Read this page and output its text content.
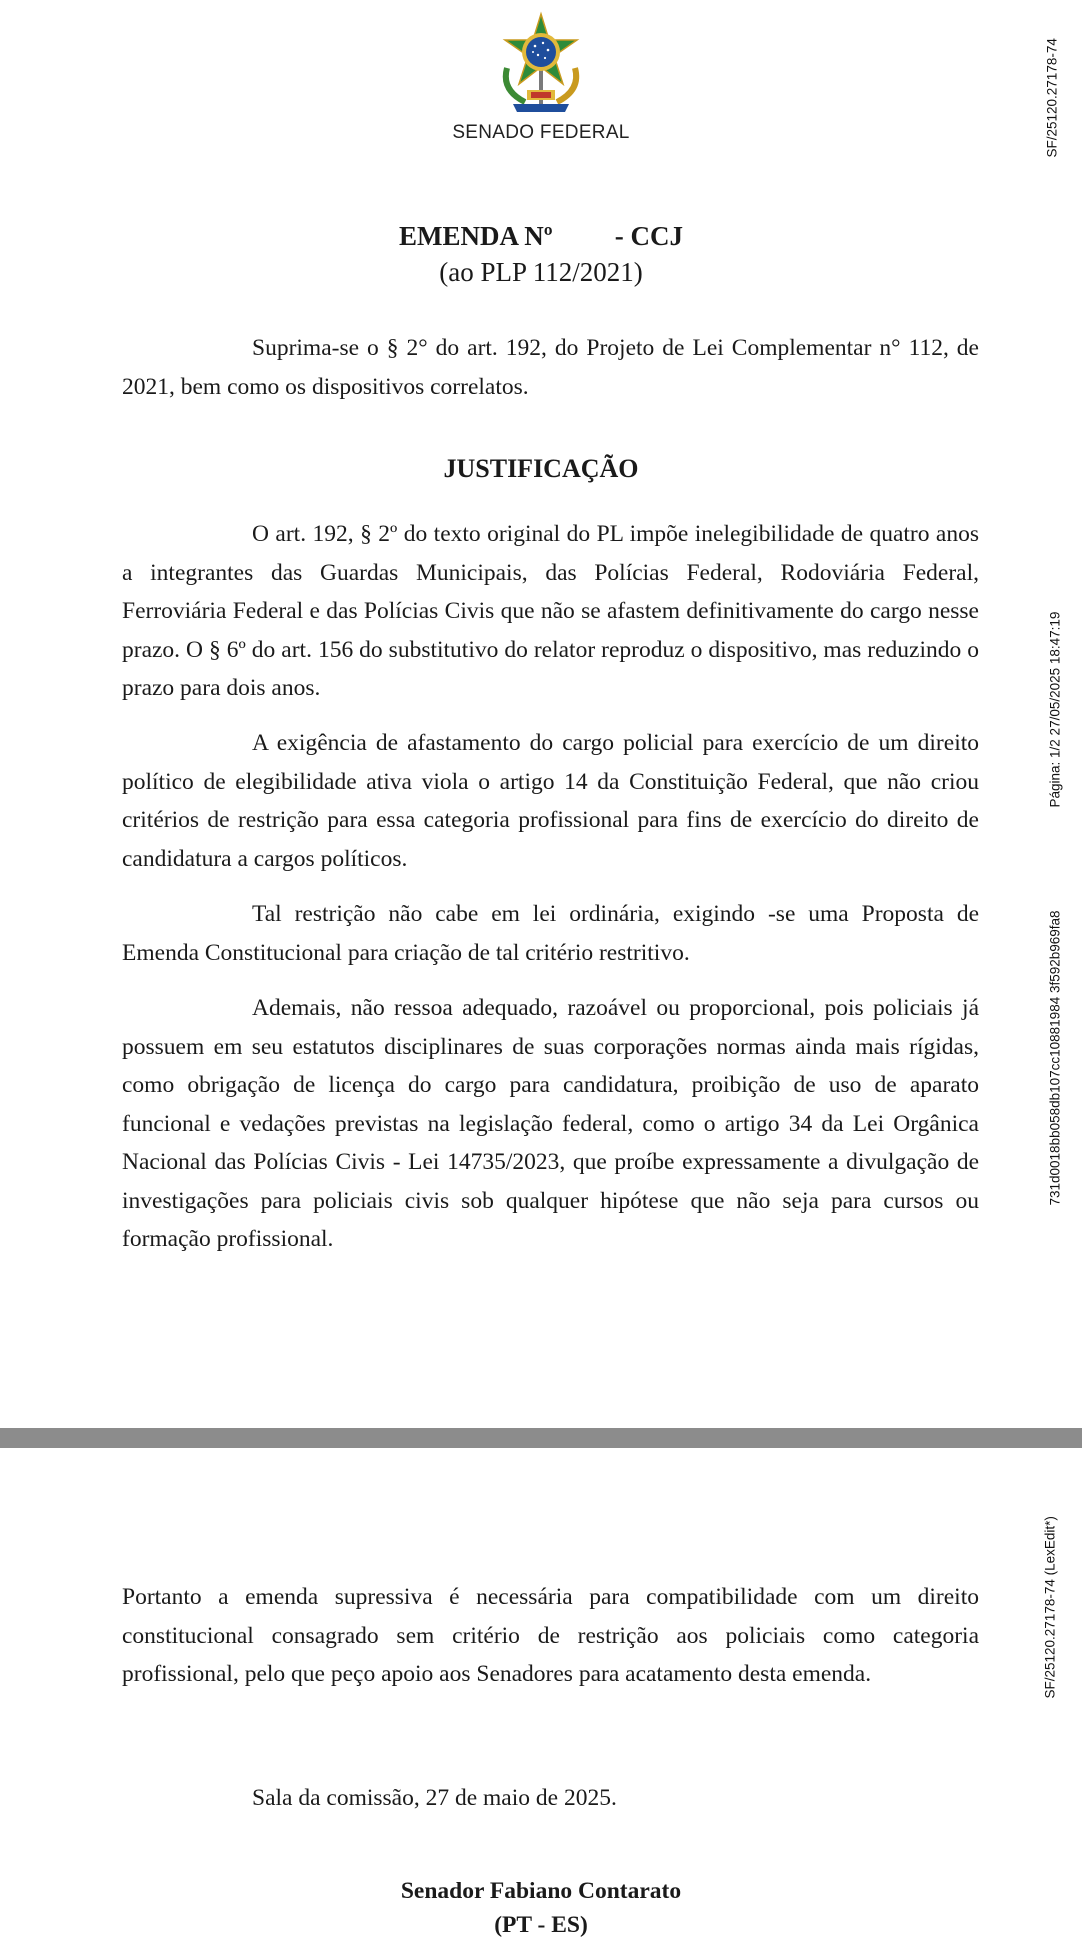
SENADO FEDERAL
EMENDA Nº - CCJ
(ao PLP 112/2021)

Suprima-se o § 2° do art. 192, do Projeto de Lei Complementar n° 112, de 2021, bem como os dispositivos correlatos.

JUSTIFICAÇÃO

O art. 192, § 2º do texto original do PL impõe inelegibilidade de quatro anos a integrantes das Guardas Municipais, das Polícias Federal, Rodoviária Federal, Ferroviária Federal e das Polícias Civis que não se afastem definitivamente do cargo nesse prazo. O § 6º do art. 156 do substitutivo do relator reproduz o dispositivo, mas reduzindo o prazo para dois anos.

A exigência de afastamento do cargo policial para exercício de um direito político de elegibilidade ativa viola o artigo 14 da Constituição Federal, que não criou critérios de restrição para essa categoria profissional para fins de exercício do direito de candidatura a cargos políticos.

Tal restrição não cabe em lei ordinária, exigindo -se uma Proposta de Emenda Constitucional para criação de tal critério restritivo.

Ademais, não ressoa adequado, razoável ou proporcional, pois policiais já possuem em seu estatutos disciplinares de suas corporações normas ainda mais rígidas, como obrigação de licença do cargo para candidatura, proibição de uso de aparato funcional e vedações previstas na legislação federal, como o artigo 34 da Lei Orgânica Nacional das Polícias Civis - Lei 14735/2023, que proíbe expressamente a divulgação de investigações para policiais civis sob qualquer hipótese que não seja para cursos ou formação profissional.

SF/25120.27178-74
Página: 1/2 27/05/2025 18:47:19
731d0018bb058db107cc10881984 3f592b969fa8
SF/25120.27178-74 (LexEdit*)

Portanto a emenda supressiva é necessária para compatibilidade com um direito constitucional consagrado sem critério de restrição aos policiais como categoria profissional, pelo que peço apoio aos Senadores para acatamento desta emenda.

Sala da comissão, 27 de maio de 2025.
Senador Fabiano Contarato
(PT - ES)
